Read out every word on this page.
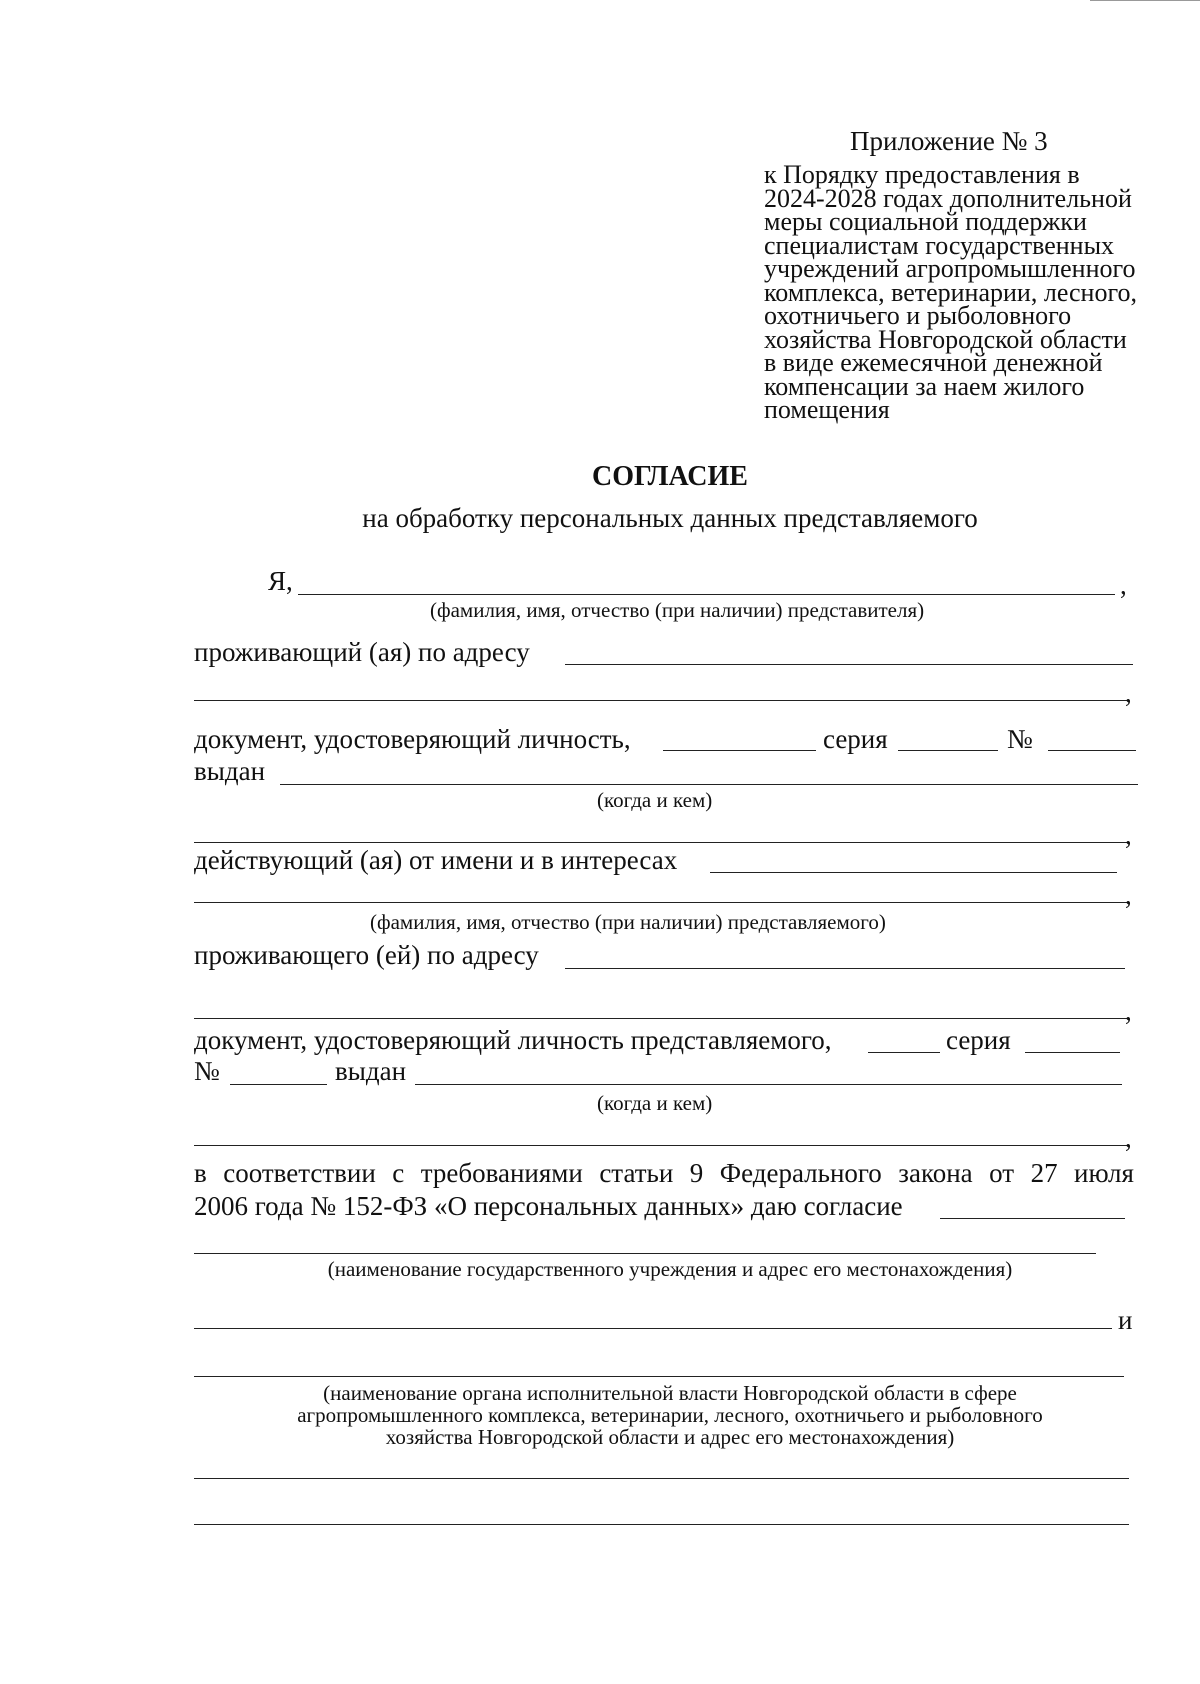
Приложение № 3
к Порядку предоставления в
2024-2028 годах дополнительной
меры социальной поддержки
специалистам государственных
учреждений агропромышленного
комплекса, ветеринарии, лесного,
охотничьего и рыболовного
хозяйства Новгородской области
в виде ежемесячной денежной
компенсации за наем жилого
помещения
СОГЛАСИЕ
на обработку персональных данных представляемого
Я,	,
(фамилия, имя, отчество (при наличии) представителя)
проживающий (ая) по адресу
,
документ, удостоверяющий личность,	серия	№
выдан
(когда и кем)
,
действующий (ая) от имени и в интересах
,
(фамилия, имя, отчество (при наличии) представляемого)
проживающего (ей) по адресу
,
документ, удостоверяющий личность представляемого,	серия
№	выдан
(когда и кем)
,
в соответствии с требованиями статьи 9 Федерального закона от 27 июля
2006 года № 152-ФЗ «О персональных данных» даю согласие
(наименование государственного учреждения и адрес его местонахождения)
и
(наименование органа исполнительной власти Новгородской области в сфере
агропромышленного комплекса, ветеринарии, лесного, охотничьего и рыболовного
хозяйства Новгородской области и адрес его местонахождения)
